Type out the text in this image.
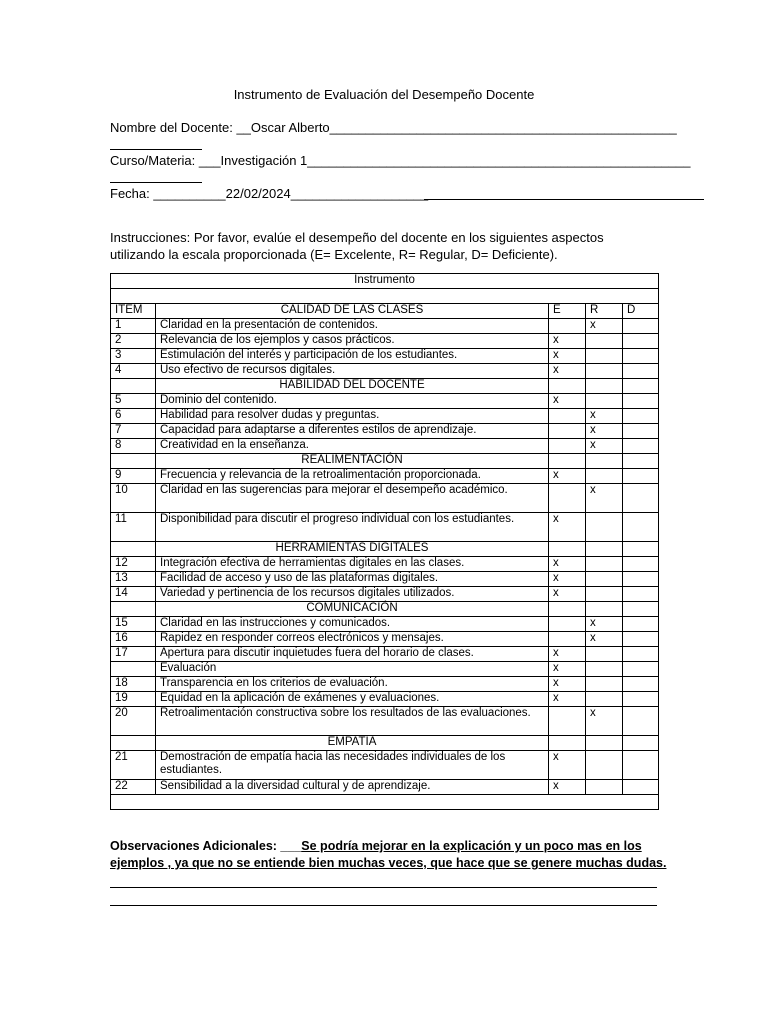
Instrumento de Evaluación del Desempeño Docente
Nombre del Docente: __Oscar Alberto________________________________________________
Curso/Materia: ___Investigación 1_____________________________________________________
Fecha: __________22/02/2024___________________
Instrucciones: Por favor, evalúe el desempeño del docente en los siguientes aspectos utilizando la escala proporcionada (E= Excelente, R= Regular, D= Deficiente).
Instrumento				

ITEM	CALIDAD DE LAS CLASES	E	R	D
1	Claridad en la presentación de contenidos.		x	
2	Relevancia de los ejemplos y casos prácticos.	x		
3	Estimulación del interés y participación de los estudiantes.	x		
4	Uso efectivo de recursos digitales.	x		
	HABILIDAD DEL DOCENTE			
5	Dominio del contenido.	x		
6	Habilidad para resolver dudas y preguntas.		x	
7	Capacidad para adaptarse a diferentes estilos de aprendizaje.		x	
8	Creatividad en la enseñanza.		x	
	REALIMENTACIÓN			
9	Frecuencia y relevancia de la retroalimentación proporcionada.	x		
10	Claridad en las sugerencias para mejorar el desempeño académico.		x	
11	Disponibilidad para discutir el progreso individual con los estudiantes.	x		
	HERRAMIENTAS DIGITALES			
12	Integración efectiva de herramientas digitales en las clases.	x		
13	Facilidad de acceso y uso de las plataformas digitales.	x		
14	Variedad y pertinencia de los recursos digitales utilizados.	x		
	COMUNICACIÓN			
15	Claridad en las instrucciones y comunicados.		x	
16	Rapidez en responder correos electrónicos y mensajes.		x	
17	Apertura para discutir inquietudes fuera del horario de clases.	x		
	Evaluación	x		
18	Transparencia en los criterios de evaluación.	x		
19	Equidad en la aplicación de exámenes y evaluaciones.	x		
20	Retroalimentación constructiva sobre los resultados de las evaluaciones.		x	
	EMPATIA			
21	Demostración de empatía hacia las necesidades individuales de los estudiantes.	x		
22	Sensibilidad a la diversidad cultural y de aprendizaje.	x		

Observaciones Adicionales: ___Se podría mejorar en la explicación y un poco mas en los ejemplos , ya que no se entiende bien muchas veces, que hace que se genere muchas dudas.
